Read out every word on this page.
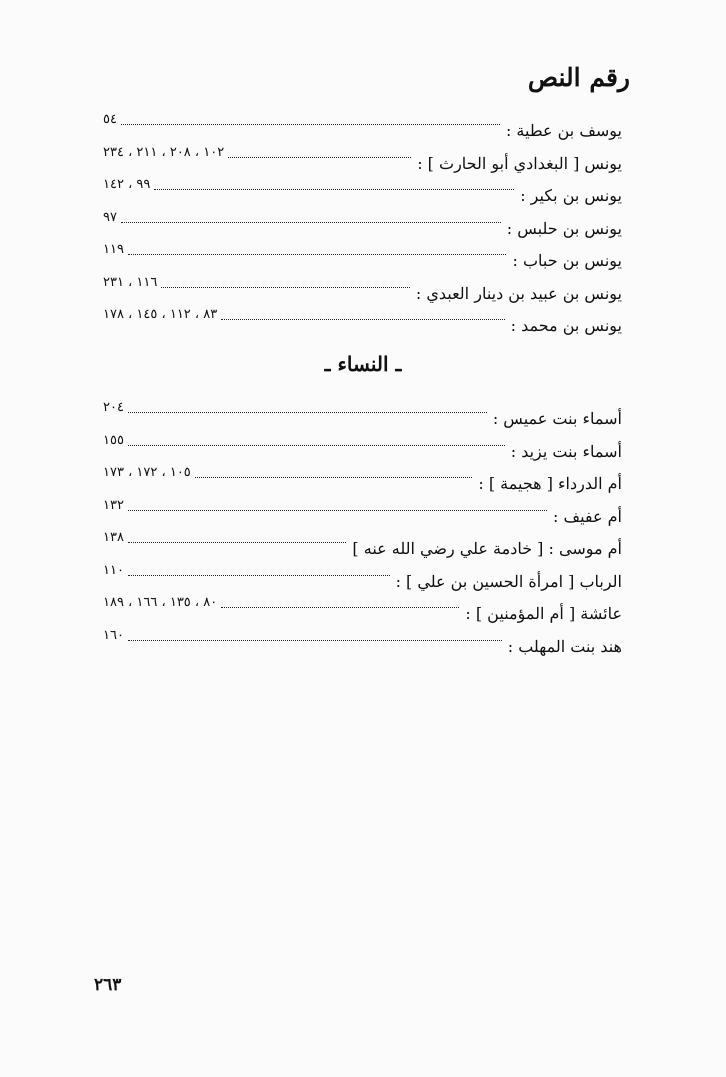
رقم النص
يوسف بن عطية :
٥٤
يونس [ البغدادي أبو الحارث ] :
١٠٢ ، ٢٠٨ ، ٢١١ ، ٢٣٤
يونس بن بكير :
٩٩ ، ١٤٢
يونس بن حلبس :
٩٧
يونس بن حباب :
١١٩
يونس بن عبيد بن دينار العبدي :
١١٦ ، ٢٣١
يونس بن محمد :
٨٣ ، ١١٢ ، ١٤٥ ، ١٧٨
ـ النساء ـ
أسماء بنت عميس :
٢٠٤
أسماء بنت يزيد :
١٥٥
أم الدرداء [ هجيمة ] :
١٠٥ ، ١٧٢ ، ١٧٣
أم عفيف :
١٣٢
أم موسى : [ خادمة علي رضي الله عنه ]
١٣٨
الرباب [ امرأة الحسين بن علي ] :
١١٠
عائشة [ أم المؤمنين ] :
٨٠ ، ١٣٥ ، ١٦٦ ، ١٨٩
هند بنت المهلب :
١٦٠
٢٦٣
